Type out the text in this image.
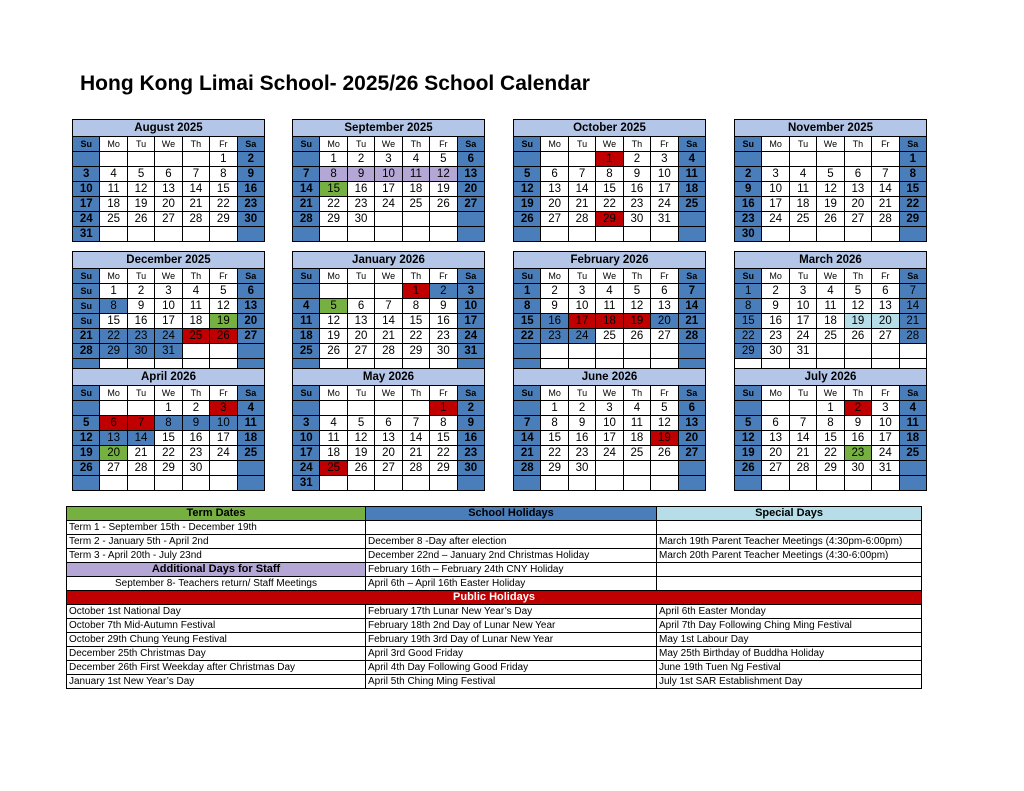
Hong Kong Limai School- 2025/26 School Calendar
August 2025						
Su	Mo	Tu	We	Th	Fr	Sa
					1	2
3	4	5	6	7	8	9
10	11	12	13	14	15	16
17	18	19	20	21	22	23
24	25	26	27	28	29	30
31						
September 2025						
Su	Mo	Tu	We	Th	Fr	Sa
	1	2	3	4	5	6
7	8	9	10	11	12	13
14	15	16	17	18	19	20
21	22	23	24	25	26	27
28	29	30				

October 2025						
Su	Mo	Tu	We	Th	Fr	Sa
			1	2	3	4
5	6	7	8	9	10	11
12	13	14	15	16	17	18
19	20	21	22	23	24	25
26	27	28	29	30	31	

November 2025						
Su	Mo	Tu	We	Th	Fr	Sa
						1
2	3	4	5	6	7	8
9	10	11	12	13	14	15
16	17	18	19	20	21	22
23	24	25	26	27	28	29
30						
December 2025						
Su	Mo	Tu	We	Th	Fr	Sa
Su	1	2	3	4	5	6
Su	8	9	10	11	12	13
Su	15	16	17	18	19	20
21	22	23	24	25	26	27
28	29	30	31			

January 2026						
Su	Mo	Tu	We	Th	Fr	Sa
				1	2	3
4	5	6	7	8	9	10
11	12	13	14	15	16	17
18	19	20	21	22	23	24
25	26	27	28	29	30	31

February 2026						
Su	Mo	Tu	We	Th	Fr	Sa
1	2	3	4	5	6	7
8	9	10	11	12	13	14
15	16	17	18	19	20	21
22	23	24	25	26	27	28

March 2026						
Su	Mo	Tu	We	Th	Fr	Sa
1	2	3	4	5	6	7
8	9	10	11	12	13	14
15	16	17	18	19	20	21
22	23	24	25	26	27	28
29	30	31				

April 2026						
Su	Mo	Tu	We	Th	Fr	Sa
			1	2	3	4
5	6	7	8	9	10	11
12	13	14	15	16	17	18
19	20	21	22	23	24	25
26	27	28	29	30		

May 2026						
Su	Mo	Tu	We	Th	Fr	Sa
					1	2
3	4	5	6	7	8	9
10	11	12	13	14	15	16
17	18	19	20	21	22	23
24	25	26	27	28	29	30
31						
June 2026						
Su	Mo	Tu	We	Th	Fr	Sa
	1	2	3	4	5	6
7	8	9	10	11	12	13
14	15	16	17	18	19	20
21	22	23	24	25	26	27
28	29	30				

July 2026						
Su	Mo	Tu	We	Th	Fr	Sa
			1	2	3	4
5	6	7	8	9	10	11
12	13	14	15	16	17	18
19	20	21	22	23	24	25
26	27	28	29	30	31	

Term Dates	School Holidays	Special Days
Term 1 - September 15th - December 19th		
Term 2 - January 5th - April 2nd	December 8 -Day after election	March 19th Parent Teacher Meetings (4:30pm-6:00pm)
Term 3 - April 20th - July 23nd	December 22nd – January 2nd Christmas Holiday	March 20th Parent Teacher Meetings (4:30-6:00pm)
Additional Days for Staff	February 16th – February 24th CNY Holiday	
September 8- Teachers return/ Staff Meetings	April 6th – April 16th Easter Holiday	
Public Holidays		
October 1st National Day	February 17th Lunar New Year’s Day	April 6th Easter Monday
October 7th Mid-Autumn Festival	February 18th 2nd Day of Lunar New Year	April 7th Day Following Ching Ming Festival
October 29th Chung Yeung Festival	February 19th 3rd Day of Lunar New Year	May 1st Labour Day
December 25th Christmas Day	April 3rd Good Friday	May 25th Birthday of Buddha Holiday
December 26th First Weekday after Christmas Day	April 4th Day Following Good Friday	June 19th Tuen Ng Festival
January 1st New Year’s Day	April 5th Ching Ming Festival	July 1st SAR Establishment Day
